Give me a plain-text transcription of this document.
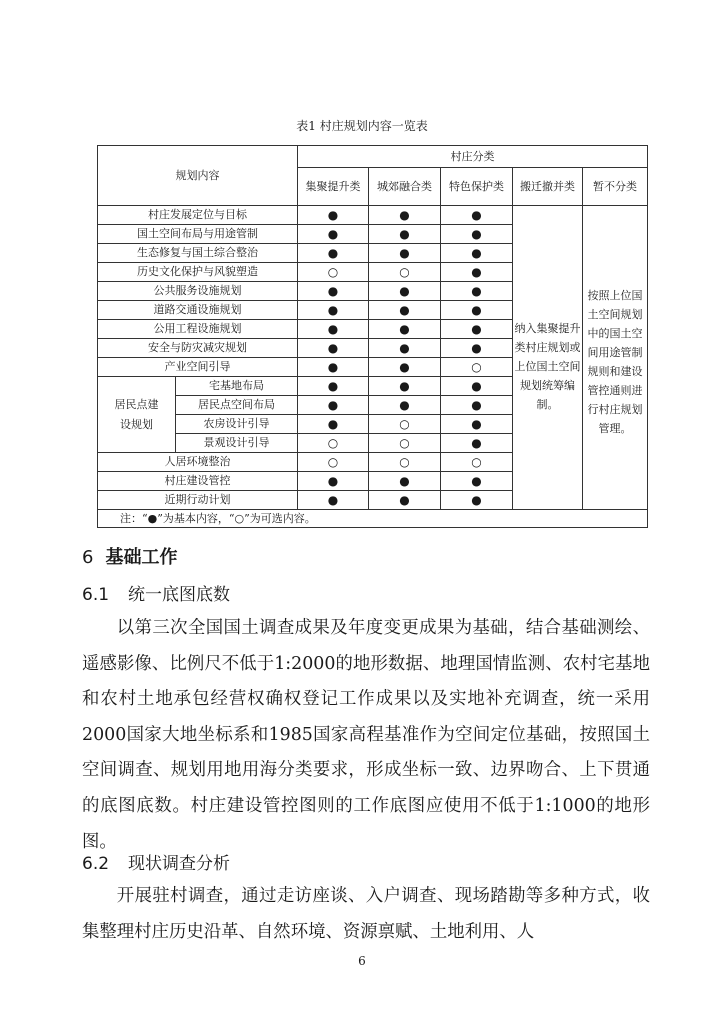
表1 村庄规划内容一览表
规划内容		村庄分类				
		集聚提升类	城郊融合类	特色保护类	搬迁撤并类	暂不分类
村庄发展定位与目标		●	●	●	纳入集聚提升类村庄规划或上位国土空间规划统筹编制。	按照上位国土空间规划中的国土空间用途管制规则和建设管控通则进行村庄规划管理。
国土空间布局与用途管制		●	●	●		
生态修复与国土综合整治		●	●	●		
历史文化保护与风貌塑造		○	○	●		
公共服务设施规划		●	●	●		
道路交通设施规划		●	●	●		
公用工程设施规划		●	●	●		
安全与防灾减灾规划		●	●	●		
产业空间引导		●	●	○		
居民点建设规划	宅基地布局	●	●	●		
	居民点空间布局	●	●	●		
	农房设计引导	●	○	●		
	景观设计引导	○	○	●		
人居环境整治		○	○	○		
村庄建设管控		●	●	●		
近期行动计划		●	●	●		
注：“●”为基本内容，“○”为可选内容。						
6 基础工作
6.1 统一底图底数

以第三次全国国土调查成果及年度变更成果为基础，结合基础测绘、遥感影像、比例尺不低于1:2000的地形数据、地理国情监测、农村宅基地和农村土地承包经营权确权登记工作成果以及实地补充调查，统一采用2000国家大地坐标系和1985国家高程基准作为空间定位基础，按照国土空间调查、规划用地用海分类要求，形成坐标一致、边界吻合、上下贯通的底图底数。村庄建设管控图则的工作底图应使用不低于1:1000的地形图。

6.2 现状调查分析

开展驻村调查，通过走访座谈、入户调查、现场踏勘等多种方式，收集整理村庄历史沿革、自然环境、资源禀赋、土地利用、人

6
